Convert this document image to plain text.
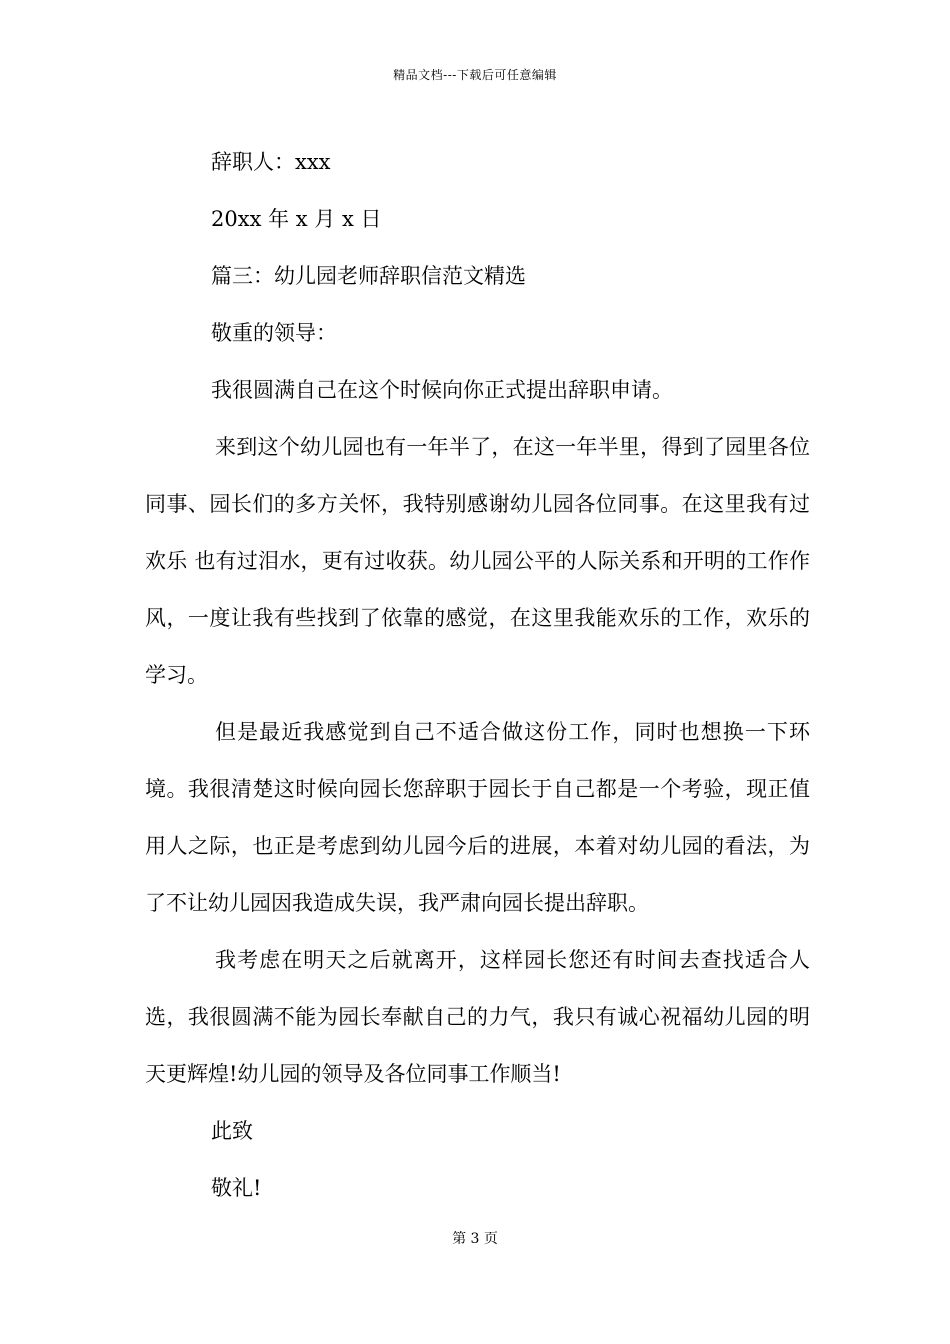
精品文档---下载后可任意编辑

辞职人：xxx

20xx 年 x 月 x 日

篇三：幼儿园老师辞职信范文精选

敬重的领导：

我很圆满自己在这个时候向你正式提出辞职申请。

来到这个幼儿园也有一年半了，在这一年半里，得到了园里各位同事、园长们的多方关怀，我特别感谢幼儿园各位同事。在这里我有过欢乐 也有过泪水，更有过收获。幼儿园公平的人际关系和开明的工作作风，一度让我有些找到了依靠的感觉，在这里我能欢乐的工作，欢乐的学习。

但是最近我感觉到自己不适合做这份工作，同时也想换一下环境。我很清楚这时候向园长您辞职于园长于自己都是一个考验，现正值用人之际，也正是考虑到幼儿园今后的进展，本着对幼儿园的看法，为了不让幼儿园因我造成失误，我严肃向园长提出辞职。

我考虑在明天之后就离开，这样园长您还有时间去查找适合人选，我很圆满不能为园长奉献自己的力气，我只有诚心祝福幼儿园的明天更辉煌!幼儿园的领导及各位同事工作顺当!

此致

敬礼!

第 3 页
